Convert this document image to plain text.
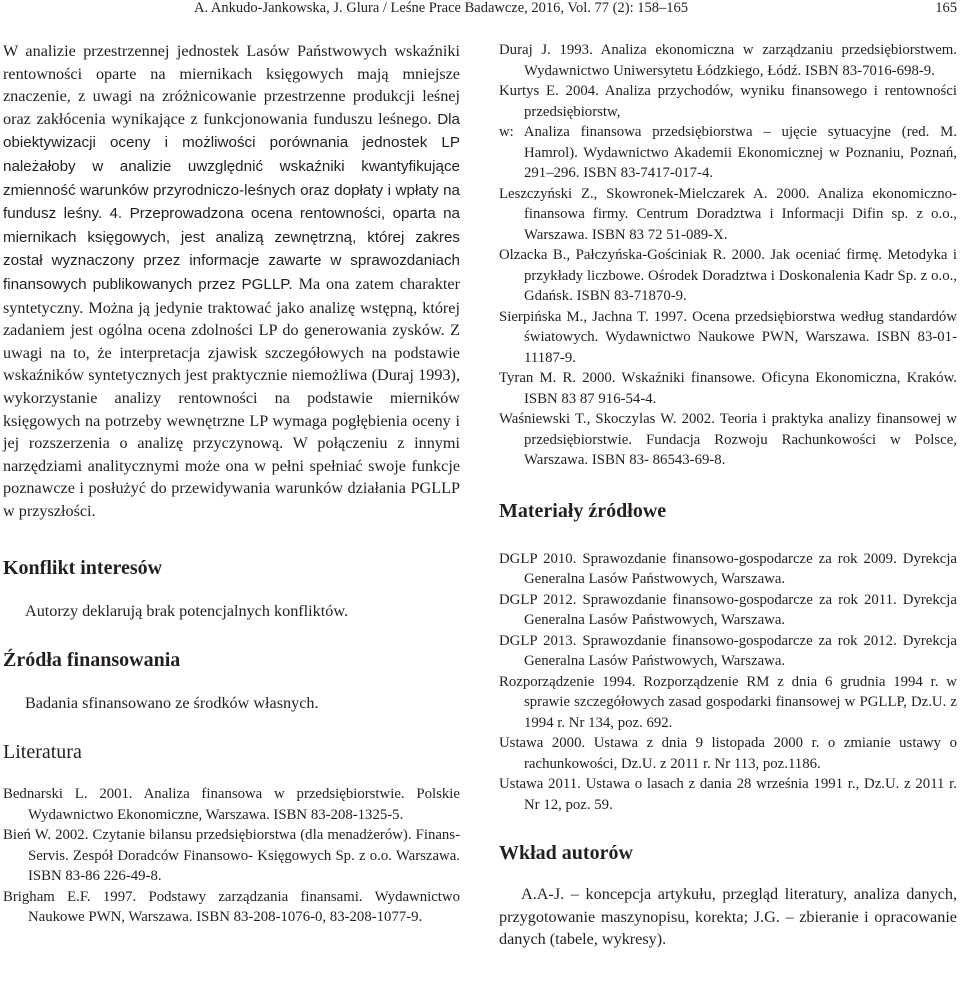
A. Ankudo-Jankowska, J. Glura / Leśne Prace Badawcze, 2016, Vol. 77 (2): 158–165	165

W analizie przestrzennej jednostek Lasów Państwowych wskaźniki rentowności oparte na miernikach księgowych mają mniejsze znaczenie, z uwagi na zróżnicowanie przestrzenne produkcji leśnej oraz zakłócenia wynikające z funkcjonowania funduszu leśnego. Dla obiektywizacji oceny i możliwości porównania jednostek LP należałoby w analizie uwzględnić wskaźniki kwantyfikujące zmienność warunków przyrodniczo-leśnych oraz dopłaty i wpłaty na fundusz leśny. 4. Przeprowadzona ocena rentowności, oparta na miernikach księgowych, jest analizą zewnętrzną, której zakres został wyznaczony przez informacje zawarte w sprawozdaniach finansowych publikowanych przez PGLLP. Ma ona zatem charakter syntetyczny. Można ją jedynie traktować jako analizę wstępną, której zadaniem jest ogólna ocena zdolności LP do generowania zysków. Z uwagi na to, że interpretacja zjawisk szczegółowych na podstawie wskaźników syntetycznych jest praktycznie niemożliwa (Duraj 1993), wykorzystanie analizy rentowności na podstawie mierników księgowych na potrzeby wewnętrzne LP wymaga pogłębienia oceny i jej rozszerzenia o analizę przyczynową. W połączeniu z innymi narzędziami analitycznymi może ona w pełni spełniać swoje funkcje poznawcze i posłużyć do przewidywania warunków działania PGLLP w przyszłości.

Konflikt interesów

Autorzy deklarują brak potencjalnych konfliktów.

Źródła finansowania

Badania sfinansowano ze środków własnych.

Literatura
Bednarski L. 2001. Analiza finansowa w przedsiębiorstwie. Polskie Wydawnictwo Ekonomiczne, Warszawa. ISBN 83-208-1325-5.
Bień W. 2002. Czytanie bilansu przedsiębiorstwa (dla menadżerów). Finans-Servis. Zespół Doradców Finansowo- Księgowych Sp. z o.o. Warszawa. ISBN 83-86 226-49-8.
Brigham E.F. 1997. Podstawy zarządzania finansami. Wydawnictwo Naukowe PWN, Warszawa. ISBN 83-208-1076-0, 83-208-1077-9.
Duraj J. 1993. Analiza ekonomiczna w zarządzaniu przedsiębiorstwem. Wydawnictwo Uniwersytetu Łódzkiego, Łódź. ISBN 83-7016-698-9.
Kurtys E. 2004. Analiza przychodów, wyniku finansowego i rentowności przedsiębiorstw,
w: Analiza finansowa przedsiębiorstwa – ujęcie sytuacyjne (red. M. Hamrol). Wydawnictwo Akademii Ekonomicznej w Poznaniu, Poznań, 291–296. ISBN 83-7417-017-4.
Leszczyński Z., Skowronek-Mielczarek A. 2000. Analiza ekonomiczno-finansowa firmy. Centrum Doradztwa i Informacji Difin sp. z o.o., Warszawa. ISBN 83 72 51-089-X.
Olzacka B., Pałczyńska-Gościniak R. 2000. Jak oceniać firmę. Metodyka i przykłady liczbowe. Ośrodek Doradztwa i Doskonalenia Kadr Sp. z o.o., Gdańsk. ISBN 83-71870-9.
Sierpińska M., Jachna T. 1997. Ocena przedsiębiorstwa według standardów światowych. Wydawnictwo Naukowe PWN, Warszawa. ISBN 83-01-11187-9.
Tyran M. R. 2000. Wskaźniki finansowe. Oficyna Ekonomiczna, Kraków. ISBN 83 87 916-54-4.
Waśniewski T., Skoczylas W. 2002. Teoria i praktyka analizy finansowej w przedsiębiorstwie. Fundacja Rozwoju Rachunkowości w Polsce, Warszawa. ISBN 83- 86543-69-8.
Materiały źródłowe
DGLP 2010. Sprawozdanie finansowo-gospodarcze za rok 2009. Dyrekcja Generalna Lasów Państwowych, Warszawa.
DGLP 2012. Sprawozdanie finansowo-gospodarcze za rok 2011. Dyrekcja Generalna Lasów Państwowych, Warszawa.
DGLP 2013. Sprawozdanie finansowo-gospodarcze za rok 2012. Dyrekcja Generalna Lasów Państwowych, Warszawa.
Rozporządzenie 1994. Rozporządzenie RM z dnia 6 grudnia 1994 r. w sprawie szczegółowych zasad gospodarki finansowej w PGLLP, Dz.U. z 1994 r. Nr 134, poz. 692.
Ustawa 2000. Ustawa z dnia 9 listopada 2000 r. o zmianie ustawy o rachunkowości, Dz.U. z 2011 r. Nr 113, poz.1186.
Ustawa 2011. Ustawa o lasach z dania 28 września 1991 r., Dz.U. z 2011 r. Nr 12, poz. 59.
Wkład autorów

A.A-J. – koncepcja artykułu, przegląd literatury, analiza danych, przygotowanie maszynopisu, korekta; J.G. – zbieranie i opracowanie danych (tabele, wykresy).
